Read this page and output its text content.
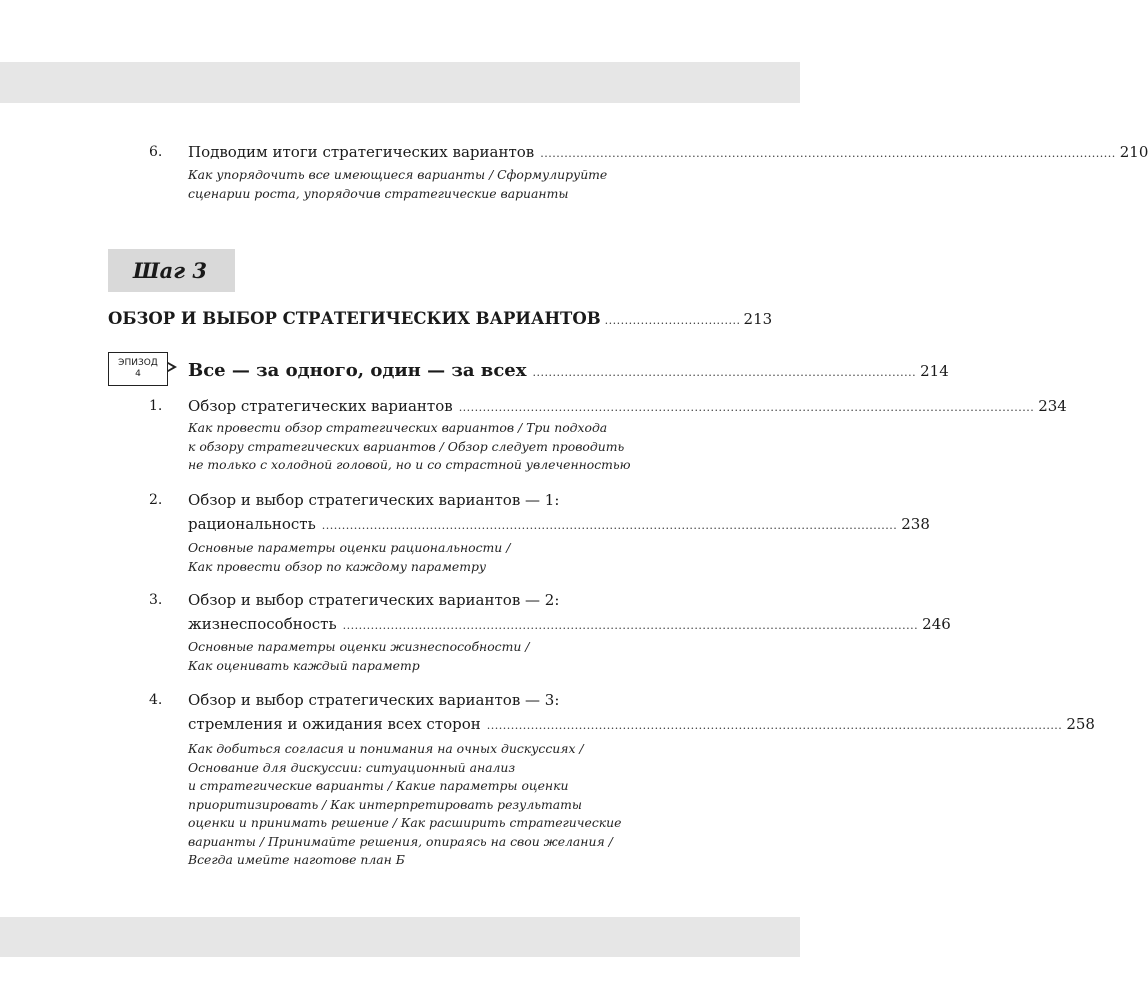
6. Подводим итоги стратегических вариантов ................................................................................................................................................ 210
Как упорядочить все имеющиеся варианты / Сформулируйте
сценарии роста, упорядочив стратегические варианты
Шаг 3
ОБЗОР И ВЫБОР СТРАТЕГИЧЕСКИХ ВАРИАНТОВ .................................. 213
ЭПИЗОД
4	Все — за одного, один — за всех ................................................................................................ 214
1. Обзор стратегических вариантов ................................................................................................................................................ 234
Как провести обзор стратегических вариантов / Три подхода
к обзору стратегических вариантов / Обзор следует проводить
не только с холодной головой, но и со страстной увлеченностью
2. Обзор и выбор стратегических вариантов — 1:
рациональность ................................................................................................................................................ 238
Основные параметры оценки рациональности /
Как провести обзор по каждому параметру
3. Обзор и выбор стратегических вариантов — 2:
жизнеспособность ................................................................................................................................................ 246
Основные параметры оценки жизнеспособности /
Как оценивать каждый параметр
4. Обзор и выбор стратегических вариантов — 3:
стремления и ожидания всех сторон ................................................................................................................................................ 258
Как добиться согласия и понимания на очных дискуссиях /
Основание для дискуссии: ситуационный анализ
и стратегические варианты / Какие параметры оценки
приоритизировать / Как интерпретировать результаты
оценки и принимать решение / Как расширить стратегические
варианты / Принимайте решения, опираясь на свои желания /
Всегда имейте наготове план Б
